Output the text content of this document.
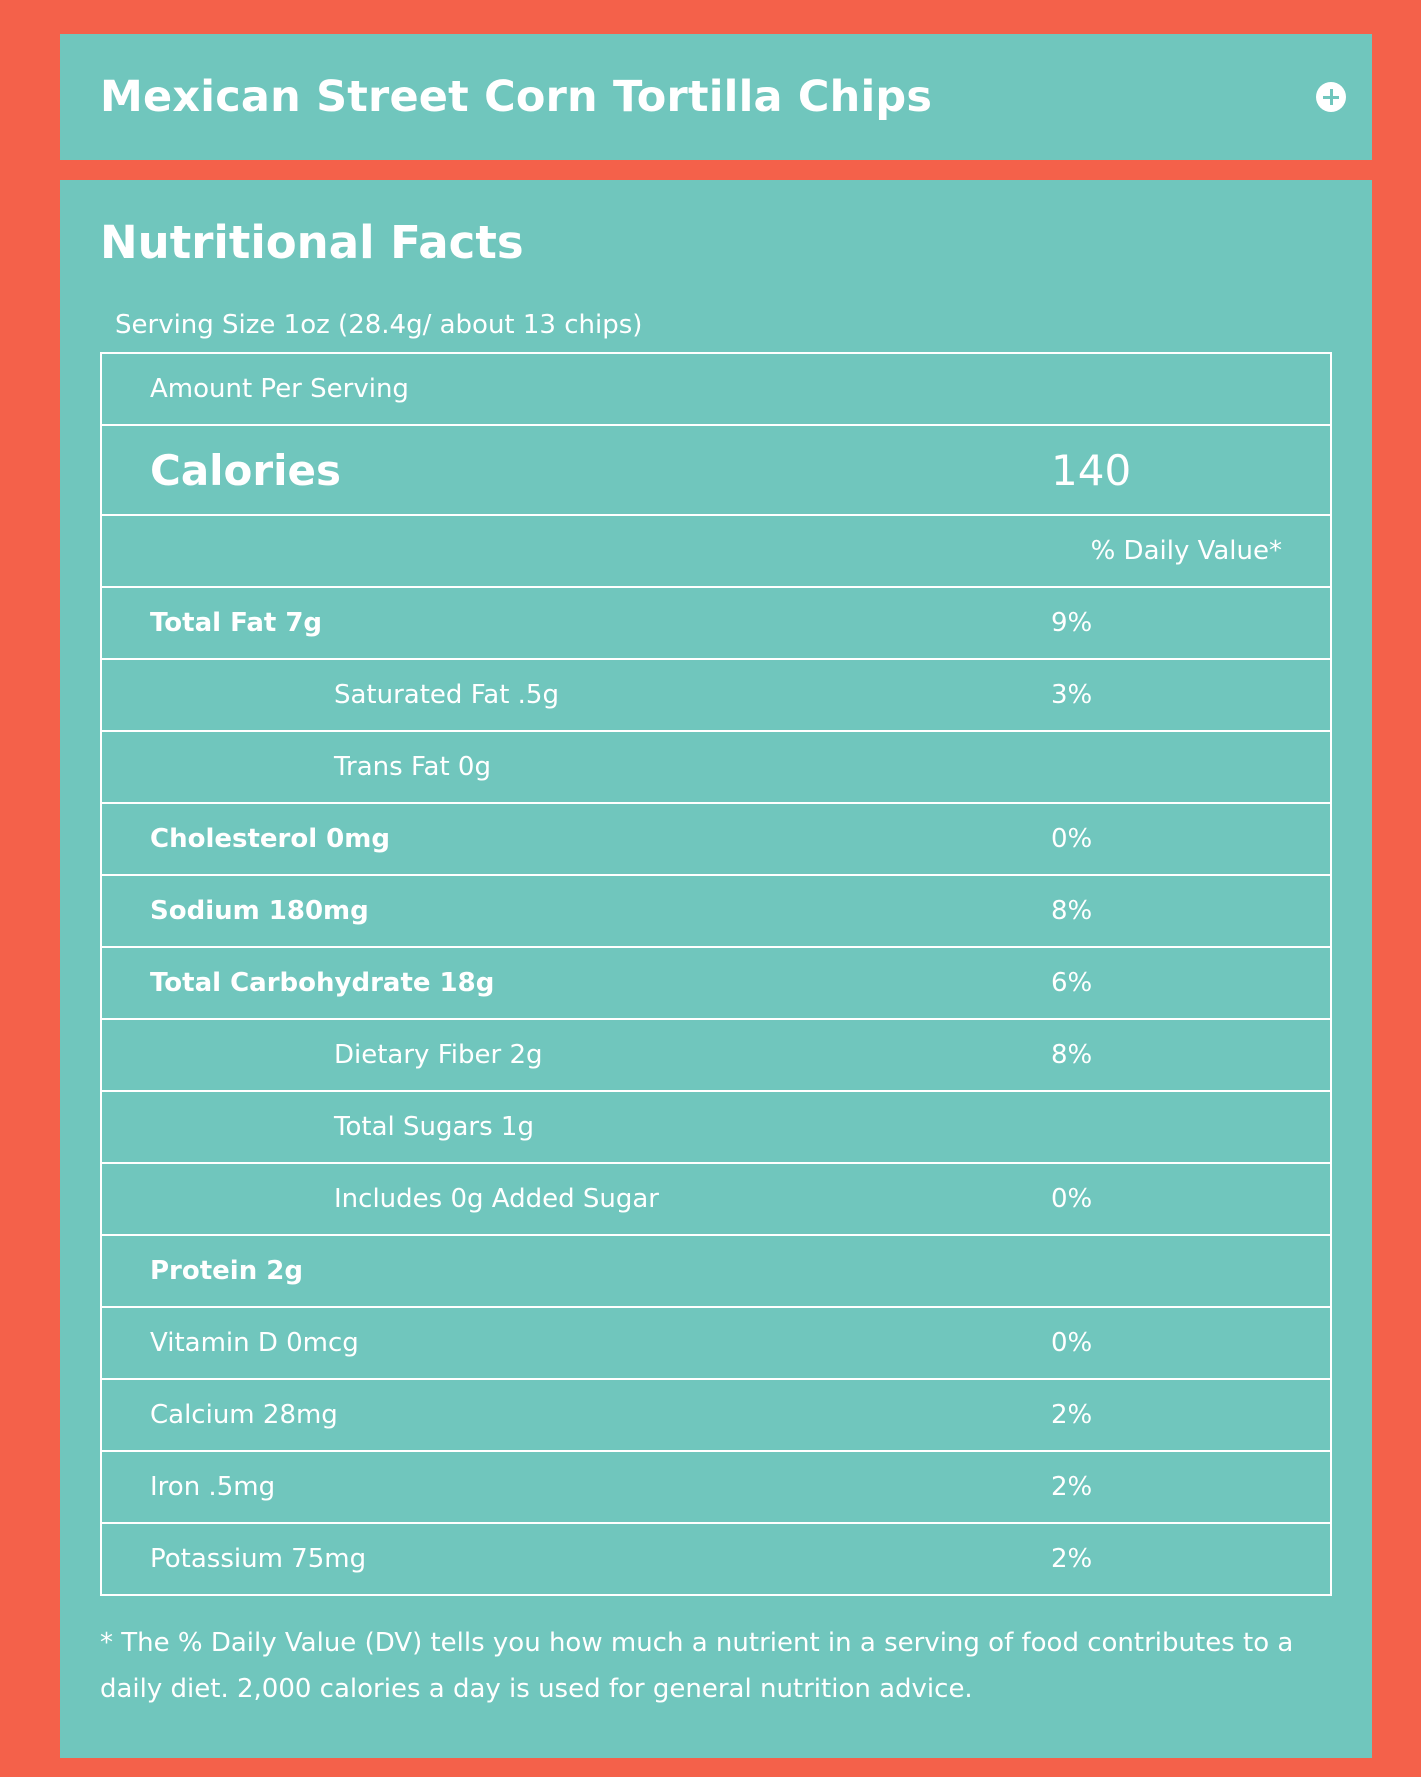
Mexican Street Corn Tortilla Chips
Nutritional Facts
Serving Size 1oz (28.4g/ about 13 chips)
Amount Per Serving	
Calories	140
% Daily Value*	
Total Fat 7g	9%
Saturated Fat .5g	3%
Trans Fat 0g	
Cholesterol 0mg	0%
Sodium 180mg	8%
Total Carbohydrate 18g	6%
Dietary Fiber 2g	8%
Total Sugars 1g	
Includes 0g Added Sugar	0%
Protein 2g	
Vitamin D 0mcg	0%
Calcium 28mg	2%
Iron .5mg	2%
Potassium 75mg	2%
* The % Daily Value (DV) tells you how much a nutrient in a serving of food contributes to a daily diet. 2,000 calories a day is used for general nutrition advice.
